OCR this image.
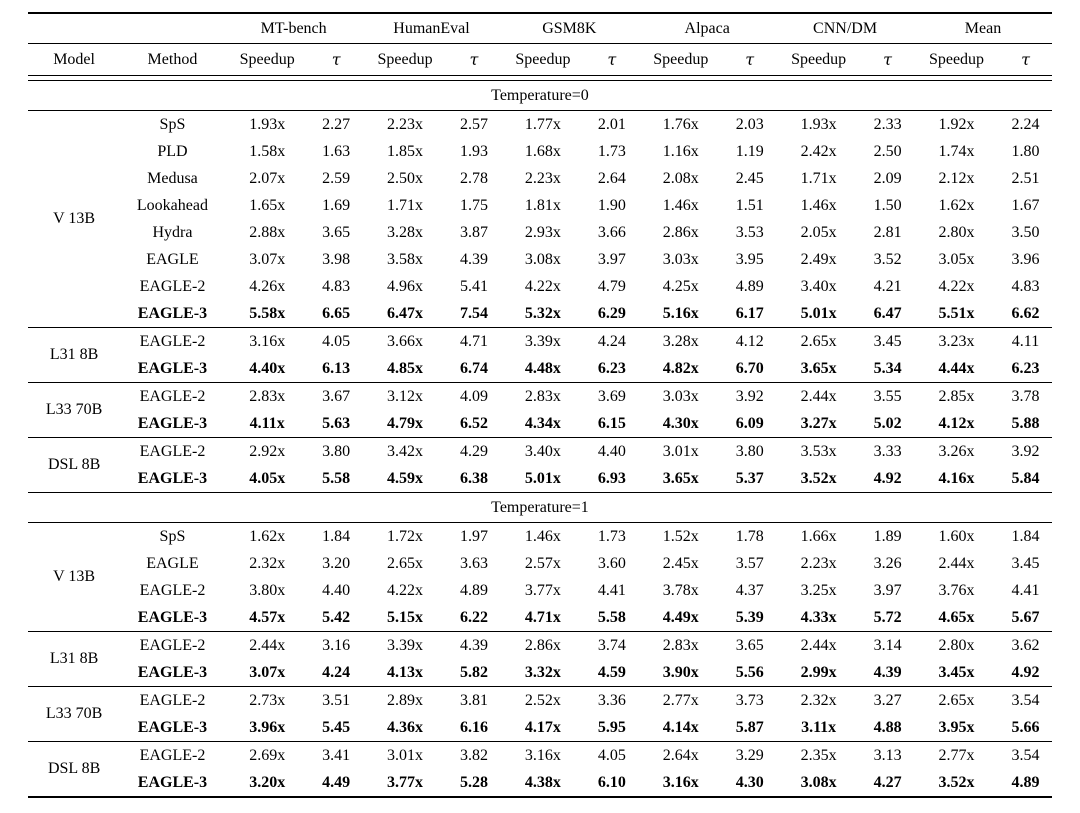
		MT-bench		HumanEval		GSM8K		Alpaca		CNN/DM		Mean	
Model	Method	Speedup	τ	Speedup	τ	Speedup	τ	Speedup	τ	Speedup	τ	Speedup	τ

Temperature=0													
V 13B	SpS	1.93x	2.27	2.23x	2.57	1.77x	2.01	1.76x	2.03	1.93x	2.33	1.92x	2.24
	PLD	1.58x	1.63	1.85x	1.93	1.68x	1.73	1.16x	1.19	2.42x	2.50	1.74x	1.80
	Medusa	2.07x	2.59	2.50x	2.78	2.23x	2.64	2.08x	2.45	1.71x	2.09	2.12x	2.51
	Lookahead	1.65x	1.69	1.71x	1.75	1.81x	1.90	1.46x	1.51	1.46x	1.50	1.62x	1.67
	Hydra	2.88x	3.65	3.28x	3.87	2.93x	3.66	2.86x	3.53	2.05x	2.81	2.80x	3.50
	EAGLE	3.07x	3.98	3.58x	4.39	3.08x	3.97	3.03x	3.95	2.49x	3.52	3.05x	3.96
	EAGLE-2	4.26x	4.83	4.96x	5.41	4.22x	4.79	4.25x	4.89	3.40x	4.21	4.22x	4.83
	EAGLE-3	5.58x	6.65	6.47x	7.54	5.32x	6.29	5.16x	6.17	5.01x	6.47	5.51x	6.62
L31 8B	EAGLE-2	3.16x	4.05	3.66x	4.71	3.39x	4.24	3.28x	4.12	2.65x	3.45	3.23x	4.11
	EAGLE-3	4.40x	6.13	4.85x	6.74	4.48x	6.23	4.82x	6.70	3.65x	5.34	4.44x	6.23
L33 70B	EAGLE-2	2.83x	3.67	3.12x	4.09	2.83x	3.69	3.03x	3.92	2.44x	3.55	2.85x	3.78
	EAGLE-3	4.11x	5.63	4.79x	6.52	4.34x	6.15	4.30x	6.09	3.27x	5.02	4.12x	5.88
DSL 8B	EAGLE-2	2.92x	3.80	3.42x	4.29	3.40x	4.40	3.01x	3.80	3.53x	3.33	3.26x	3.92
	EAGLE-3	4.05x	5.58	4.59x	6.38	5.01x	6.93	3.65x	5.37	3.52x	4.92	4.16x	5.84
Temperature=1													
V 13B	SpS	1.62x	1.84	1.72x	1.97	1.46x	1.73	1.52x	1.78	1.66x	1.89	1.60x	1.84
	EAGLE	2.32x	3.20	2.65x	3.63	2.57x	3.60	2.45x	3.57	2.23x	3.26	2.44x	3.45
	EAGLE-2	3.80x	4.40	4.22x	4.89	3.77x	4.41	3.78x	4.37	3.25x	3.97	3.76x	4.41
	EAGLE-3	4.57x	5.42	5.15x	6.22	4.71x	5.58	4.49x	5.39	4.33x	5.72	4.65x	5.67
L31 8B	EAGLE-2	2.44x	3.16	3.39x	4.39	2.86x	3.74	2.83x	3.65	2.44x	3.14	2.80x	3.62
	EAGLE-3	3.07x	4.24	4.13x	5.82	3.32x	4.59	3.90x	5.56	2.99x	4.39	3.45x	4.92
L33 70B	EAGLE-2	2.73x	3.51	2.89x	3.81	2.52x	3.36	2.77x	3.73	2.32x	3.27	2.65x	3.54
	EAGLE-3	3.96x	5.45	4.36x	6.16	4.17x	5.95	4.14x	5.87	3.11x	4.88	3.95x	5.66
DSL 8B	EAGLE-2	2.69x	3.41	3.01x	3.82	3.16x	4.05	2.64x	3.29	2.35x	3.13	2.77x	3.54
	EAGLE-3	3.20x	4.49	3.77x	5.28	4.38x	6.10	3.16x	4.30	3.08x	4.27	3.52x	4.89
